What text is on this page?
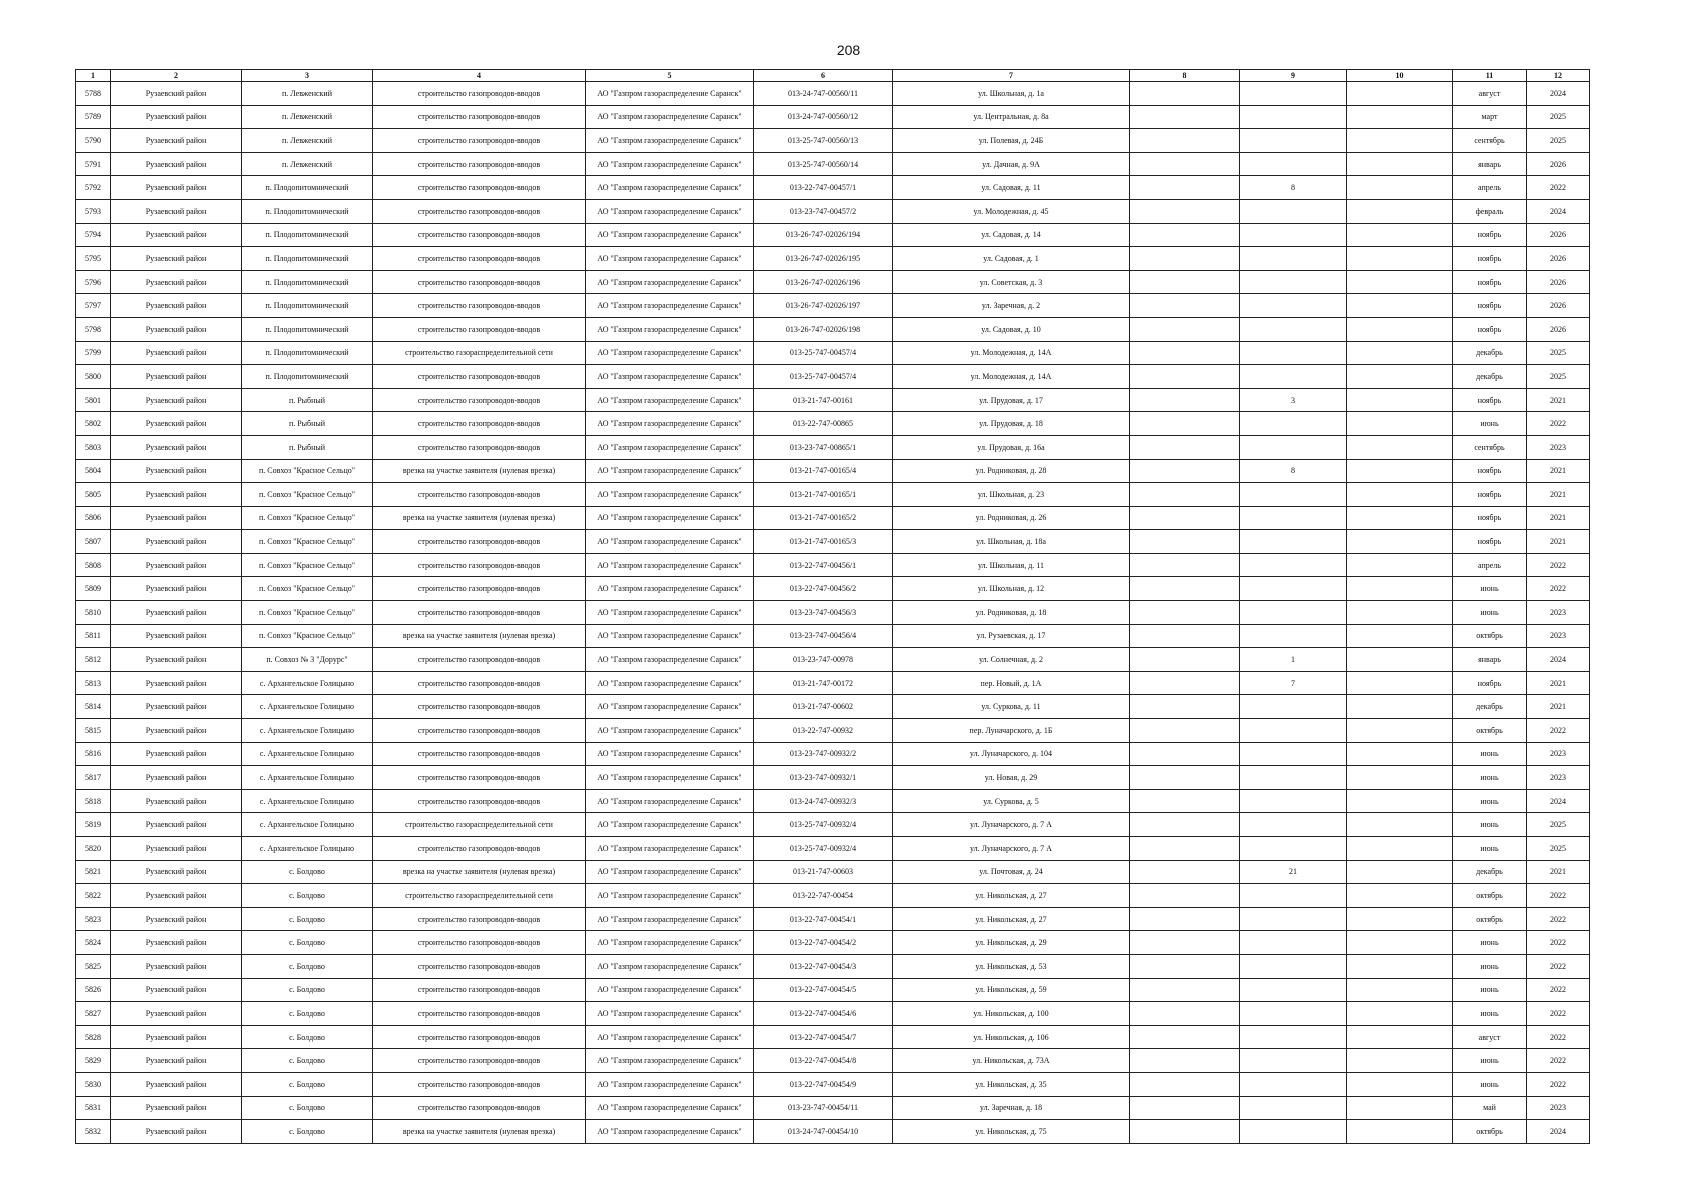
208
1	2	3	4	5	6	7	8	9	10	11	12
5788	Рузаевский район	п. Левженский	строительство газопроводов-вводов	АО "Газпром газораспределение Саранск"	013-24-747-00560/11	ул. Школьная, д. 1а				август	2024
5789	Рузаевский район	п. Левженский	строительство газопроводов-вводов	АО "Газпром газораспределение Саранск"	013-24-747-00560/12	ул. Центральная, д. 8а				март	2025
5790	Рузаевский район	п. Левженский	строительство газопроводов-вводов	АО "Газпром газораспределение Саранск"	013-25-747-00560/13	ул. Полевая, д. 24Б				сентябрь	2025
5791	Рузаевский район	п. Левженский	строительство газопроводов-вводов	АО "Газпром газораспределение Саранск"	013-25-747-00560/14	ул. Дачная, д. 9А				январь	2026
5792	Рузаевский район	п. Плодопитомнический	строительство газопроводов-вводов	АО "Газпром газораспределение Саранск"	013-22-747-00457/1	ул. Садовая, д. 11		8		апрель	2022
5793	Рузаевский район	п. Плодопитомнический	строительство газопроводов-вводов	АО "Газпром газораспределение Саранск"	013-23-747-00457/2	ул. Молодежная, д. 45				февраль	2024
5794	Рузаевский район	п. Плодопитомнический	строительство газопроводов-вводов	АО "Газпром газораспределение Саранск"	013-26-747-02026/194	ул. Садовая, д. 14				ноябрь	2026
5795	Рузаевский район	п. Плодопитомнический	строительство газопроводов-вводов	АО "Газпром газораспределение Саранск"	013-26-747-02026/195	ул. Садовая, д. 1				ноябрь	2026
5796	Рузаевский район	п. Плодопитомнический	строительство газопроводов-вводов	АО "Газпром газораспределение Саранск"	013-26-747-02026/196	ул. Советская, д. 3				ноябрь	2026
5797	Рузаевский район	п. Плодопитомнический	строительство газопроводов-вводов	АО "Газпром газораспределение Саранск"	013-26-747-02026/197	ул. Заречная, д. 2				ноябрь	2026
5798	Рузаевский район	п. Плодопитомнический	строительство газопроводов-вводов	АО "Газпром газораспределение Саранск"	013-26-747-02026/198	ул. Садовая, д. 10				ноябрь	2026
5799	Рузаевский район	п. Плодопитомнический	строительство газораспределительной сети	АО "Газпром газораспределение Саранск"	013-25-747-00457/4	ул. Молодежная, д. 14А				декабрь	2025
5800	Рузаевский район	п. Плодопитомнический	строительство газопроводов-вводов	АО "Газпром газораспределение Саранск"	013-25-747-00457/4	ул. Молодежная, д. 14А				декабрь	2025
5801	Рузаевский район	п. Рыбный	строительство газопроводов-вводов	АО "Газпром газораспределение Саранск"	013-21-747-00161	ул. Прудовая, д. 17		3		ноябрь	2021
5802	Рузаевский район	п. Рыбный	строительство газопроводов-вводов	АО "Газпром газораспределение Саранск"	013-22-747-00865	ул. Прудовая, д. 18				июнь	2022
5803	Рузаевский район	п. Рыбный	строительство газопроводов-вводов	АО "Газпром газораспределение Саранск"	013-23-747-00865/1	ул. Прудовая, д. 16а				сентябрь	2023
5804	Рузаевский район	п. Совхоз "Красное Сельцо"	врезка на участке заявителя (нулевая врезка)	АО "Газпром газораспределение Саранск"	013-21-747-00165/4	ул. Родниковая, д. 28		8		ноябрь	2021
5805	Рузаевский район	п. Совхоз "Красное Сельцо"	строительство газопроводов-вводов	АО "Газпром газораспределение Саранск"	013-21-747-00165/1	ул. Школьная, д. 23				ноябрь	2021
5806	Рузаевский район	п. Совхоз "Красное Сельцо"	врезка на участке заявителя (нулевая врезка)	АО "Газпром газораспределение Саранск"	013-21-747-00165/2	ул. Родниковая, д. 26				ноябрь	2021
5807	Рузаевский район	п. Совхоз "Красное Сельцо"	строительство газопроводов-вводов	АО "Газпром газораспределение Саранск"	013-21-747-00165/3	ул. Школьная, д. 18а				ноябрь	2021
5808	Рузаевский район	п. Совхоз "Красное Сельцо"	строительство газопроводов-вводов	АО "Газпром газораспределение Саранск"	013-22-747-00456/1	ул. Школьная, д. 11				апрель	2022
5809	Рузаевский район	п. Совхоз "Красное Сельцо"	строительство газопроводов-вводов	АО "Газпром газораспределение Саранск"	013-22-747-00456/2	ул. Школьная, д. 12				июнь	2022
5810	Рузаевский район	п. Совхоз "Красное Сельцо"	строительство газопроводов-вводов	АО "Газпром газораспределение Саранск"	013-23-747-00456/3	ул. Родниковая, д. 18				июнь	2023
5811	Рузаевский район	п. Совхоз "Красное Сельцо"	врезка на участке заявителя (нулевая врезка)	АО "Газпром газораспределение Саранск"	013-23-747-00456/4	ул. Рузаевская, д. 17				октябрь	2023
5812	Рузаевский район	п. Совхоз № 3 "Дорурс"	строительство газопроводов-вводов	АО "Газпром газораспределение Саранск"	013-23-747-00978	ул. Солнечная, д. 2		1		январь	2024
5813	Рузаевский район	с. Архангельское Голицыно	строительство газопроводов-вводов	АО "Газпром газораспределение Саранск"	013-21-747-00172	пер. Новый, д. 1А		7		ноябрь	2021
5814	Рузаевский район	с. Архангельское Голицыно	строительство газопроводов-вводов	АО "Газпром газораспределение Саранск"	013-21-747-00602	ул. Суркова, д. 11				декабрь	2021
5815	Рузаевский район	с. Архангельское Голицыно	строительство газопроводов-вводов	АО "Газпром газораспределение Саранск"	013-22-747-00932	пер. Луначарского, д. 1Б				октябрь	2022
5816	Рузаевский район	с. Архангельское Голицыно	строительство газопроводов-вводов	АО "Газпром газораспределение Саранск"	013-23-747-00932/2	ул. Луначарского, д. 104				июнь	2023
5817	Рузаевский район	с. Архангельское Голицыно	строительство газопроводов-вводов	АО "Газпром газораспределение Саранск"	013-23-747-00932/1	ул. Новая, д. 29				июнь	2023
5818	Рузаевский район	с. Архангельское Голицыно	строительство газопроводов-вводов	АО "Газпром газораспределение Саранск"	013-24-747-00932/3	ул. Суркова, д. 5				июнь	2024
5819	Рузаевский район	с. Архангельское Голицыно	строительство газораспределительной сети	АО "Газпром газораспределение Саранск"	013-25-747-00932/4	ул. Луначарского, д. 7 А				июнь	2025
5820	Рузаевский район	с. Архангельское Голицыно	строительство газопроводов-вводов	АО "Газпром газораспределение Саранск"	013-25-747-00932/4	ул. Луначарского, д. 7 А				июнь	2025
5821	Рузаевский район	с. Болдово	врезка на участке заявителя (нулевая врезка)	АО "Газпром газораспределение Саранск"	013-21-747-00603	ул. Почтовая, д. 24		21		декабрь	2021
5822	Рузаевский район	с. Болдово	строительство газораспределительной сети	АО "Газпром газораспределение Саранск"	013-22-747-00454	ул. Никольская, д. 27				октябрь	2022
5823	Рузаевский район	с. Болдово	строительство газопроводов-вводов	АО "Газпром газораспределение Саранск"	013-22-747-00454/1	ул. Никольская, д. 27				октябрь	2022
5824	Рузаевский район	с. Болдово	строительство газопроводов-вводов	АО "Газпром газораспределение Саранск"	013-22-747-00454/2	ул. Никольская, д. 29				июнь	2022
5825	Рузаевский район	с. Болдово	строительство газопроводов-вводов	АО "Газпром газораспределение Саранск"	013-22-747-00454/3	ул. Никольская, д. 53				июнь	2022
5826	Рузаевский район	с. Болдово	строительство газопроводов-вводов	АО "Газпром газораспределение Саранск"	013-22-747-00454/5	ул. Никольская, д. 59				июнь	2022
5827	Рузаевский район	с. Болдово	строительство газопроводов-вводов	АО "Газпром газораспределение Саранск"	013-22-747-00454/6	ул. Никольская, д. 100				июнь	2022
5828	Рузаевский район	с. Болдово	строительство газопроводов-вводов	АО "Газпром газораспределение Саранск"	013-22-747-00454/7	ул. Никольская, д. 106				август	2022
5829	Рузаевский район	с. Болдово	строительство газопроводов-вводов	АО "Газпром газораспределение Саранск"	013-22-747-00454/8	ул. Никольская, д. 73А				июнь	2022
5830	Рузаевский район	с. Болдово	строительство газопроводов-вводов	АО "Газпром газораспределение Саранск"	013-22-747-00454/9	ул. Никольская, д. 35				июнь	2022
5831	Рузаевский район	с. Болдово	строительство газопроводов-вводов	АО "Газпром газораспределение Саранск"	013-23-747-00454/11	ул. Заречная, д. 18				май	2023
5832	Рузаевский район	с. Болдово	врезка на участке заявителя (нулевая врезка)	АО "Газпром газораспределение Саранск"	013-24-747-00454/10	ул. Никольская, д. 75				октябрь	2024
